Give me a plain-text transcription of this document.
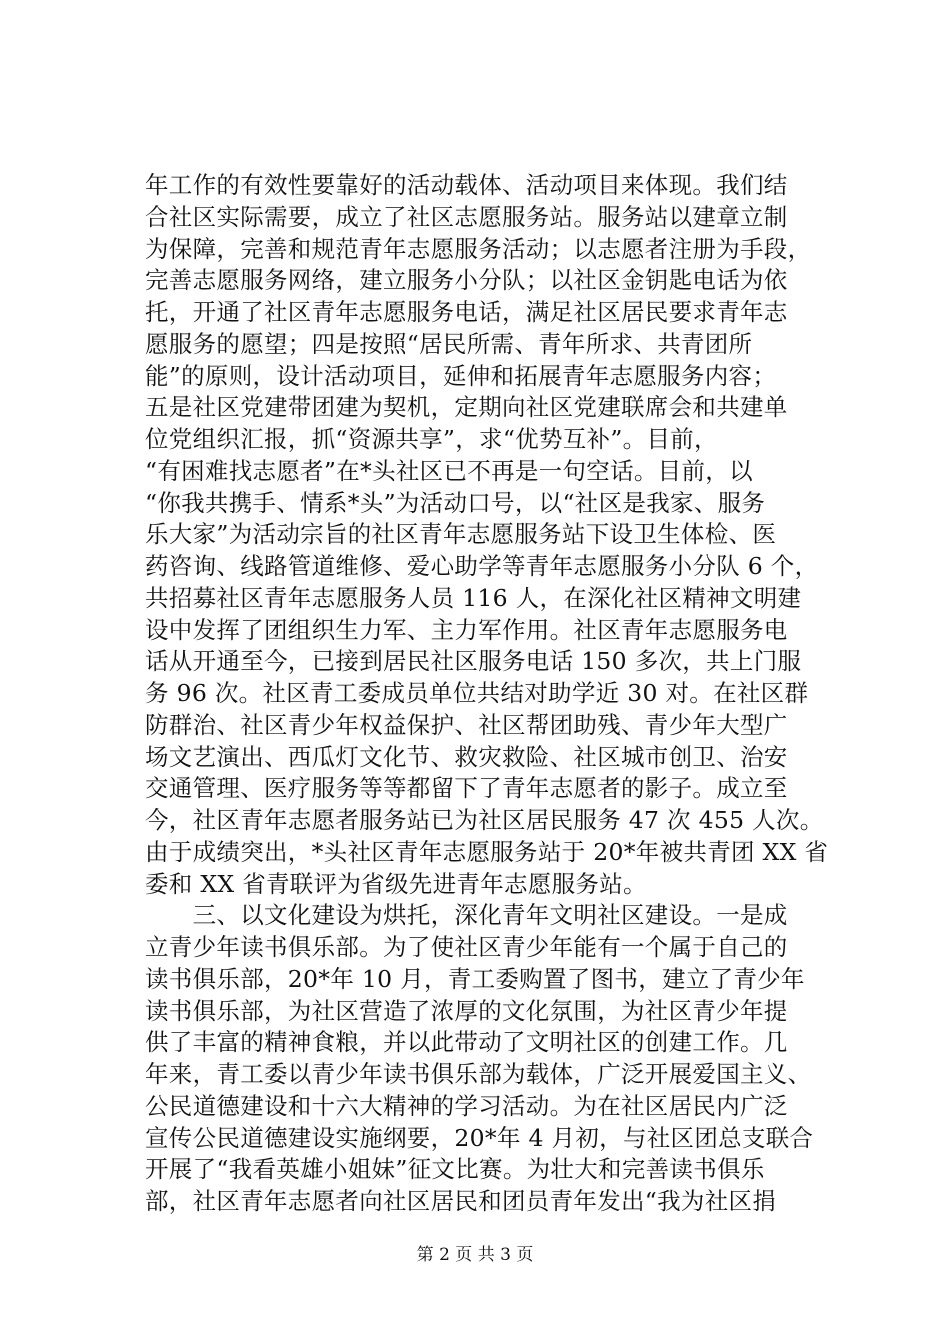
年工作的有效性要靠好的活动载体、活动项目来体现。我们结
合社区实际需要，成立了社区志愿服务站。服务站以建章立制
为保障，完善和规范青年志愿服务活动；以志愿者注册为手段，
完善志愿服务网络，建立服务小分队；以社区金钥匙电话为依
托，开通了社区青年志愿服务电话，满足社区居民要求青年志
愿服务的愿望；四是按照“居民所需、青年所求、共青团所
能”的原则，设计活动项目，延伸和拓展青年志愿服务内容；
五是社区党建带团建为契机，定期向社区党建联席会和共建单
位党组织汇报，抓“资源共享”，求“优势互补”。目前，
“有困难找志愿者”在*头社区已不再是一句空话。目前，以
“你我共携手、情系*头”为活动口号，以“社区是我家、服务
乐大家”为活动宗旨的社区青年志愿服务站下设卫生体检、医
药咨询、线路管道维修、爱心助学等青年志愿服务小分队 6 个，
共招募社区青年志愿服务人员 116 人，在深化社区精神文明建
设中发挥了团组织生力军、主力军作用。社区青年志愿服务电
话从开通至今，已接到居民社区服务电话 150 多次，共上门服
务 96 次。社区青工委成员单位共结对助学近 30 对。在社区群
防群治、社区青少年权益保护、社区帮团助残、青少年大型广
场文艺演出、西瓜灯文化节、救灾救险、社区城市创卫、治安
交通管理、医疗服务等等都留下了青年志愿者的影子。成立至
今，社区青年志愿者服务站已为社区居民服务 47 次 455 人次。
由于成绩突出，*头社区青年志愿服务站于 20*年被共青团 XX 省
委和 XX 省青联评为省级先进青年志愿服务站。
　　三、以文化建设为烘托，深化青年文明社区建设。一是成
立青少年读书俱乐部。为了使社区青少年能有一个属于自己的
读书俱乐部，20*年 10 月，青工委购置了图书，建立了青少年
读书俱乐部，为社区营造了浓厚的文化氛围，为社区青少年提
供了丰富的精神食粮，并以此带动了文明社区的创建工作。几
年来，青工委以青少年读书俱乐部为载体，广泛开展爱国主义、
公民道德建设和十六大精神的学习活动。为在社区居民内广泛
宣传公民道德建设实施纲要，20*年 4 月初，与社区团总支联合
开展了“我看英雄小姐妹”征文比赛。为壮大和完善读书俱乐
部，社区青年志愿者向社区居民和团员青年发出“我为社区捐
第 2 页 共 3 页
